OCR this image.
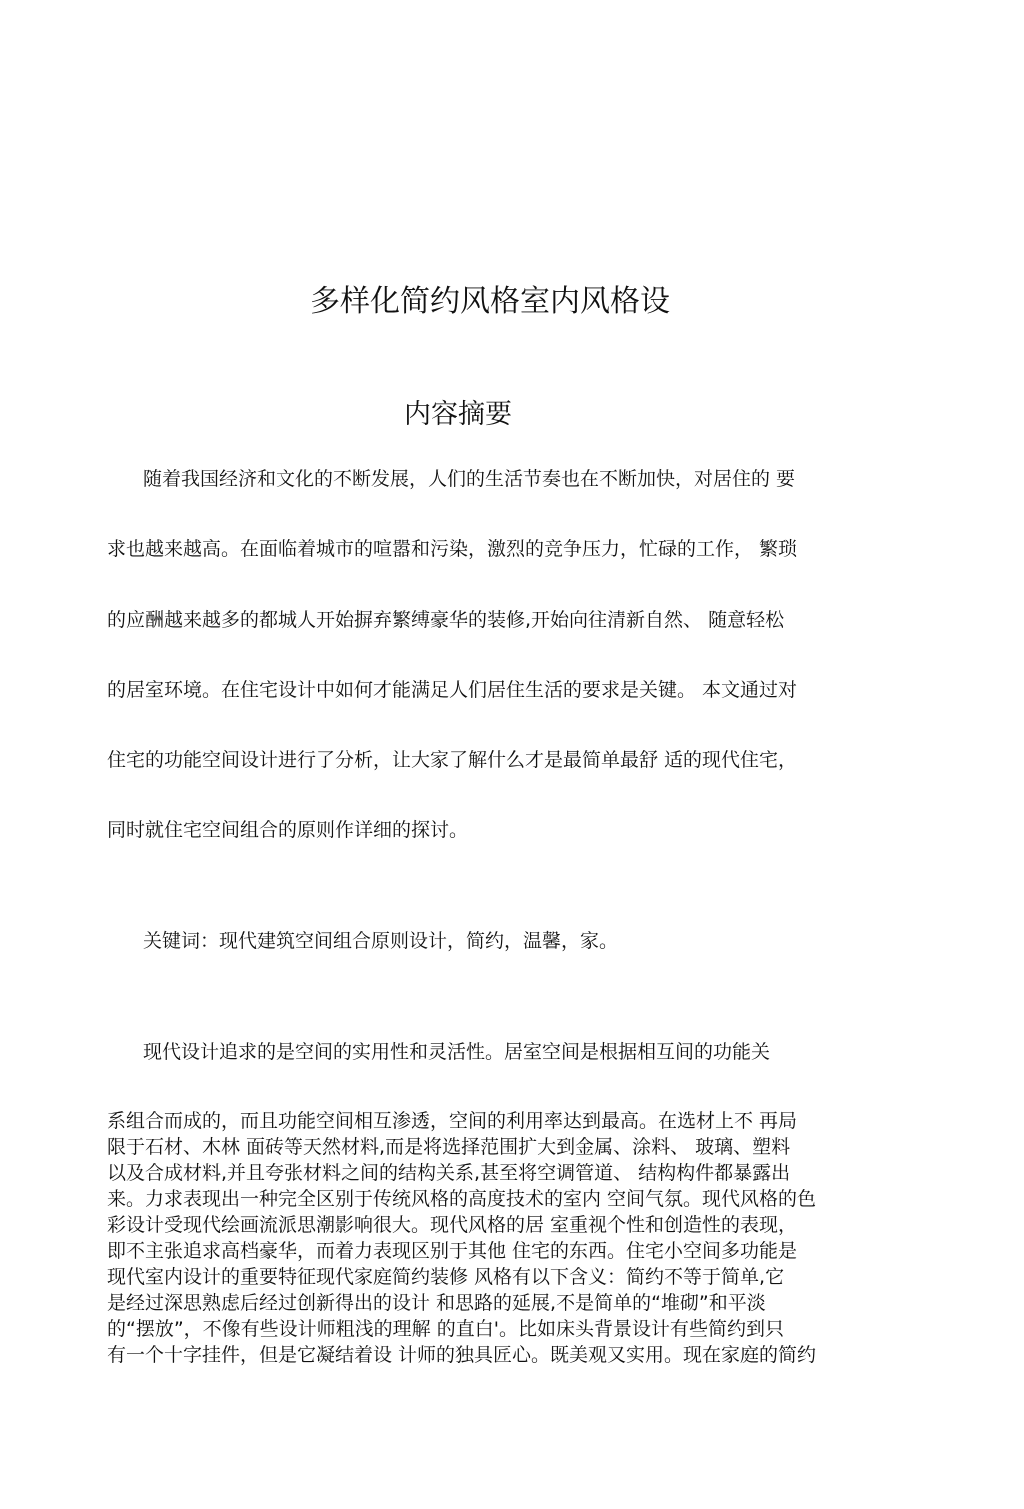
多样化简约风格室内风格设
内容摘要
随着我国经济和文化的不断发展，人们的生活节奏也在不断加快，对居住的 要
求也越来越高。在面临着城市的喧嚣和污染，激烈的竞争压力，忙碌的工作， 繁琐
的应酬越来越多的都城人开始摒弃繁缚豪华的装修,开始向往清新自然、 随意轻松
的居室环境。在住宅设计中如何才能满足人们居住生活的要求是关键。 本文通过对
住宅的功能空间设计进行了分析，让大家了解什么才是最简单最舒 适的现代住宅，
同时就住宅空间组合的原则作详细的探讨。
关键词：现代建筑空间组合原则设计，简约，温馨，家。
现代设计追求的是空间的实用性和灵活性。居室空间是根据相互间的功能关
系组合而成的，而且功能空间相互渗透，空间的利用率达到最高。在选材上不 再局
限于石材、木林 面砖等天然材料,而是将选择范围扩大到金属、涂料、 玻璃、塑料
以及合成材料,并且夸张材料之间的结构关系,甚至将空调管道、 结构构件都暴露出
来。力求表现出一种完全区别于传统风格的高度技术的室内 空间气氛。现代风格的色
彩设计受现代绘画流派思潮影响很大。现代风格的居 室重视个性和创造性的表现，
即不主张追求高档豪华，而着力表现区别于其他 住宅的东西。住宅小空间多功能是
现代室内设计的重要特征现代家庭简约装修 风格有以下含义：简约不等于简单,它
是经过深思熟虑后经过创新得出的设计 和思路的延展,不是简单的“堆砌”和平淡
的“摆放”，不像有些设计师粗浅的理解 的直白'。比如床头背景设计有些简约到只
有一个十字挂件，但是它凝结着设 计师的独具匠心。既美观又实用。现在家庭的简约
